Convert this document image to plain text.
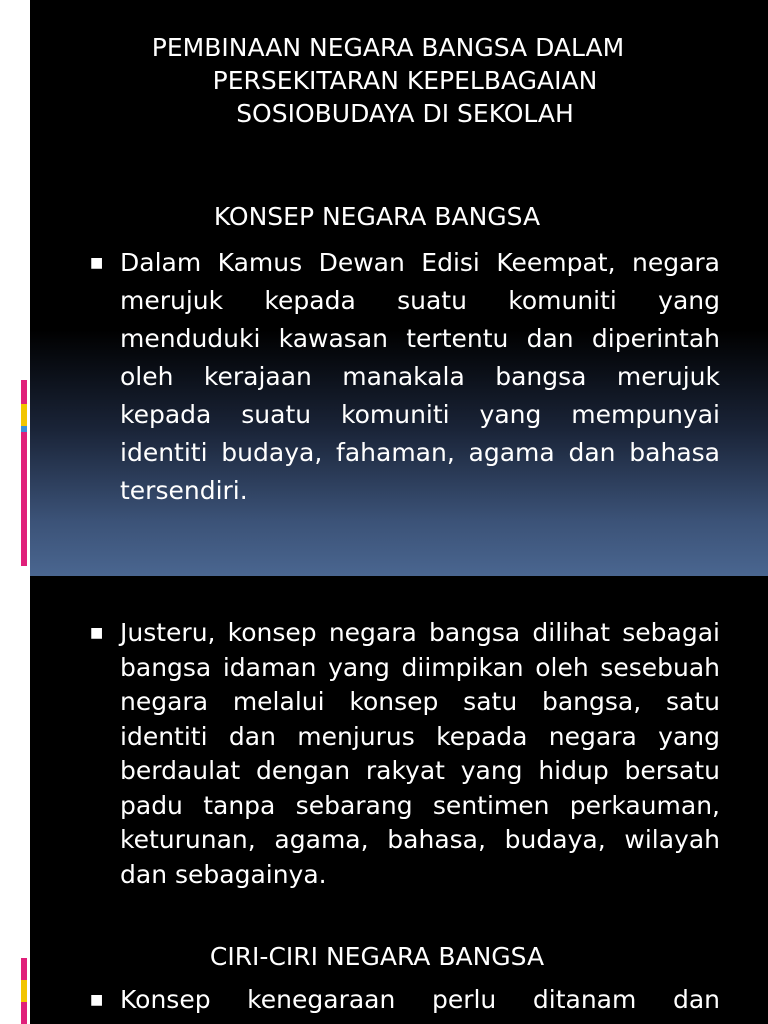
PEMBINAAN NEGARA BANGSA DALAM

PERSEKITARAN KEPELBAGAIAN

SOSIOBUDAYA DI SEKOLAH

KONSEP NEGARA BANGSA

■ Dalam Kamus Dewan Edisi Keempat, negara merujuk kepada suatu komuniti yang menduduki kawasan tertentu dan diperintah oleh kerajaan manakala bangsa merujuk kepada suatu komuniti yang mempunyai identiti budaya, fahaman, agama dan bahasa tersendiri.

■ Justeru, konsep negara bangsa dilihat sebagai bangsa idaman yang diimpikan oleh sesebuah negara melalui konsep satu bangsa, satu identiti dan menjurus kepada negara yang berdaulat dengan rakyat yang hidup bersatu padu tanpa sebarang sentimen perkauman, keturunan, agama, bahasa, budaya, wilayah dan sebagainya.

CIRI-CIRI NEGARA BANGSA

■ Konsep kenegaraan perlu ditanam dan
